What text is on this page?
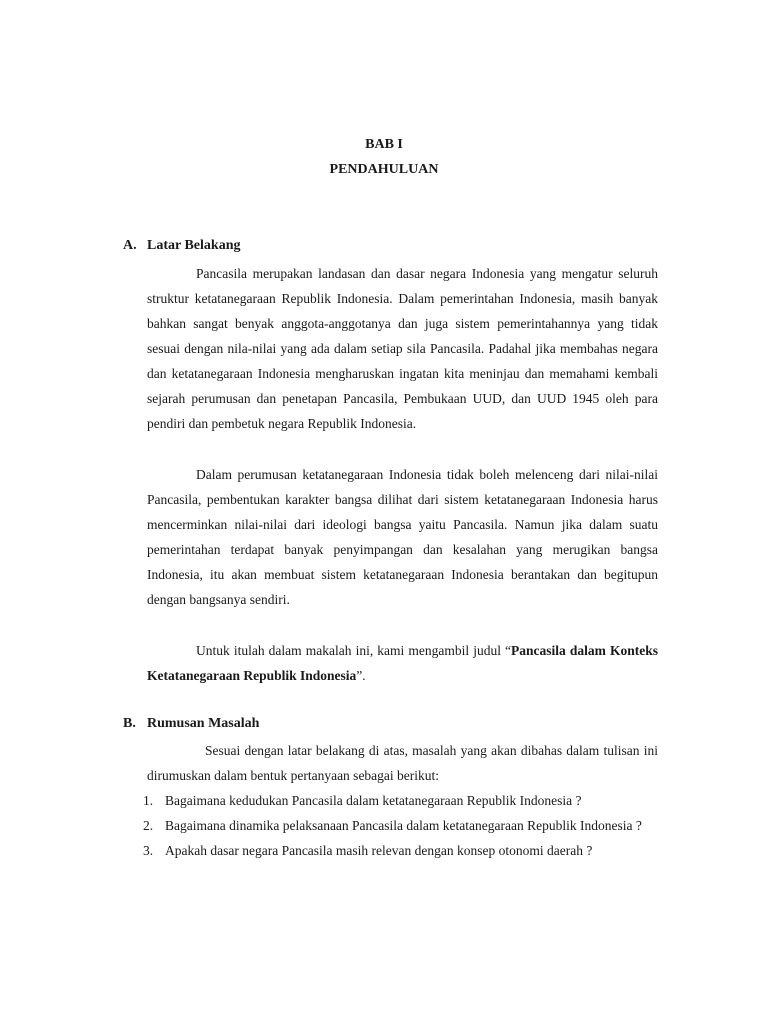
BAB I
PENDAHULUAN
A. Latar Belakang

Pancasila merupakan landasan dan dasar negara Indonesia yang mengatur seluruh struktur ketatanegaraan Republik Indonesia. Dalam pemerintahan Indonesia, masih banyak bahkan sangat benyak anggota-anggotanya dan juga sistem pemerintahannya yang tidak sesuai dengan nila-nilai yang ada dalam setiap sila Pancasila. Padahal jika membahas negara dan ketatanegaraan Indonesia mengharuskan ingatan kita meninjau dan memahami kembali sejarah perumusan dan penetapan Pancasila, Pembukaan UUD, dan UUD 1945 oleh para pendiri dan pembetuk negara Republik Indonesia.

Dalam perumusan ketatanegaraan Indonesia tidak boleh melenceng dari nilai-nilai Pancasila, pembentukan karakter bangsa dilihat dari sistem ketatanegaraan Indonesia harus mencerminkan nilai-nilai dari ideologi bangsa yaitu Pancasila. Namun jika dalam suatu pemerintahan terdapat banyak penyimpangan dan kesalahan yang merugikan bangsa Indonesia, itu akan membuat sistem ketatanegaraan Indonesia berantakan dan begitupun dengan bangsanya sendiri.

Untuk itulah dalam makalah ini, kami mengambil judul “Pancasila dalam Konteks Ketatanegaraan Republik Indonesia”.

B. Rumusan Masalah

Sesuai dengan latar belakang di atas, masalah yang akan dibahas dalam tulisan ini dirumuskan dalam bentuk pertanyaan sebagai berikut:

1. Bagaimana kedudukan Pancasila dalam ketatanegaraan Republik Indonesia ?
2. Bagaimana dinamika pelaksanaan Pancasila dalam ketatanegaraan Republik Indonesia ?
3. Apakah dasar negara Pancasila masih relevan dengan konsep otonomi daerah ?
